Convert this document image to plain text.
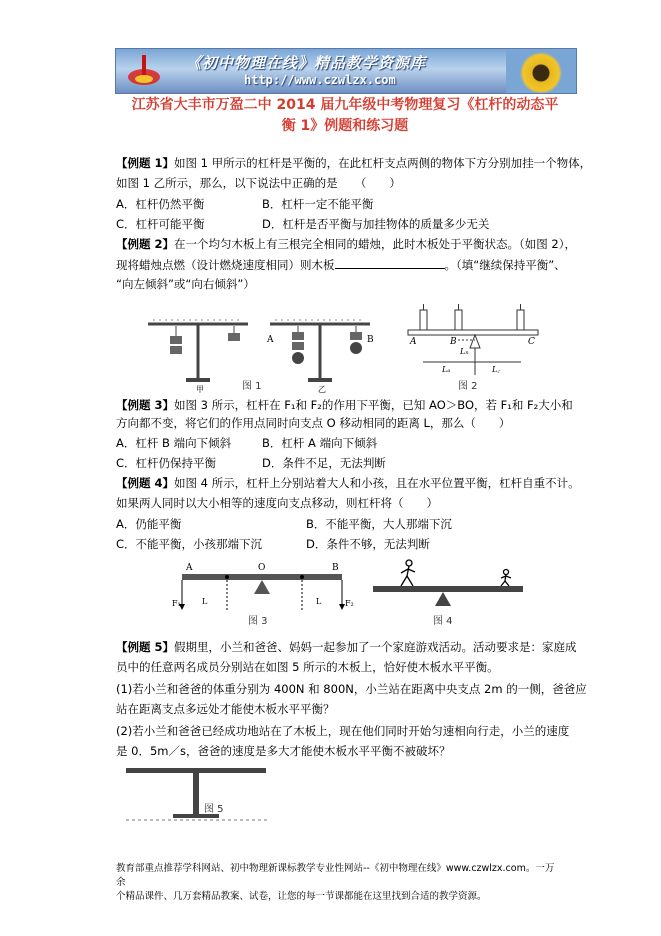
《初中物理在线》精品教学资源库
http://www.czwlzx.com
江苏省大丰市万盈二中 2014 届九年级中考物理复习《杠杆的动态平
衡 1》例题和练习题
【例题 1】如图 1 甲所示的杠杆是平衡的，在此杠杆支点两侧的物体下方分别加挂一个物体，
如图 1 乙所示，那么，以下说法中正确的是　　（　　）
A．杠杆仍然平衡	B．杠杆一定不能平衡
C．杠杆可能平衡	D．杠杆是否平衡与加挂物体的质量多少无关
【例题 2】在一个均匀木板上有三根完全相同的蜡烛，此时木板处于平衡状态。（如图 2），
现将蜡烛点燃（设计燃烧速度相同）则木板	。（填“继续保持平衡”、
“向左倾斜”或“向右倾斜”）
甲
A	B
乙
图 1
A	B	C
Lₙ
Lₐ	L꜀
图 2
【例题 3】如图 3 所示，杠杆在 F₁和 F₂的作用下平衡，已知 AO＞BO，若 F₁和 F₂大小和
方向都不变，将它们的作用点同时向支点 O 移动相同的距离 L，那么（　　）
A．杠杆 B 端向下倾斜	B．杠杆 A 端向下倾斜
C．杠杆仍保持平衡	D．条件不足，无法判断
【例题 4】如图 4 所示，杠杆上分别站着大人和小孩，且在水平位置平衡，杠杆自重不计。
如果两人同时以大小相等的速度向支点移动，则杠杆将（　　）
A．仍能平衡	B．不能平衡，大人那端下沉
C．不能平衡，小孩那端下沉	D．条件不够，无法判断
A	O	B
F₁	F₂
L	L
图 3	图 4
【例题 5】假期里，小兰和爸爸、妈妈一起参加了一个家庭游戏活动。活动要求是：家庭成
员中的任意两名成员分别站在如图 5 所示的木板上，恰好使木板水平平衡。
(1)若小兰和爸爸的体重分别为 400N 和 800N，小兰站在距离中央支点 2m 的一侧，爸爸应
站在距离支点多远处才能使木板水平平衡？
(2)若小兰和爸爸已经成功地站在了木板上，现在他们同时开始匀速相向行走，小兰的速度
是 0．5m／s，爸爸的速度是多大才能使木板水平平衡不被破坏？
图 5
教育部重点推荐学科网站、初中物理新课标教学专业性网站--《初中物理在线》www.czwlzx.com。一万余
个精品课件、几万套精品教案、试卷，让您的每一节课都能在这里找到合适的教学资源。
